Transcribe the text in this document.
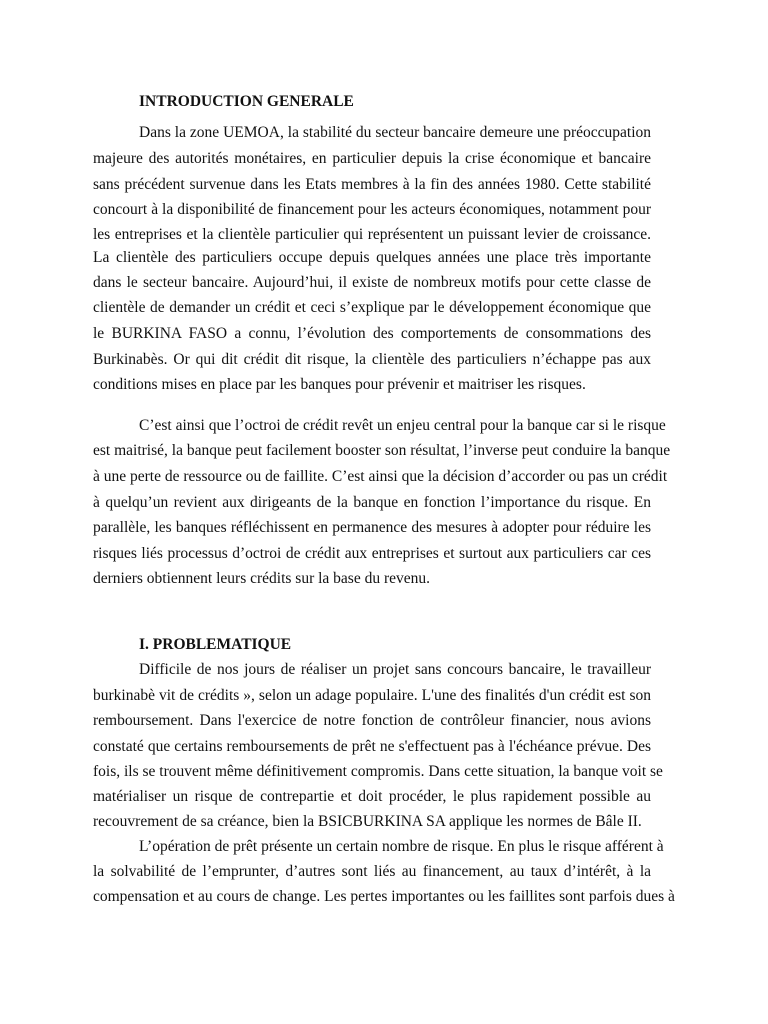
INTRODUCTION GENERALE
Dans la zone UEMOA, la stabilité du secteur bancaire demeure une préoccupation
majeure des autorités monétaires, en particulier depuis la crise économique et bancaire
sans précédent survenue dans les Etats membres à la fin des années 1980. Cette stabilité
concourt à la disponibilité de financement pour les acteurs économiques, notamment pour
les entreprises et la clientèle particulier qui représentent un puissant levier de croissance.
La clientèle des particuliers occupe depuis quelques années une place très importante
dans le secteur bancaire. Aujourd’hui, il existe de nombreux motifs pour cette classe de
clientèle de demander un crédit et ceci s’explique par le développement économique que
le BURKINA FASO a connu, l’évolution des comportements de consommations des
Burkinabès. Or qui dit crédit dit risque, la clientèle des particuliers n’échappe pas aux
conditions mises en place par les banques pour prévenir et maitriser les risques.
C’est ainsi que l’octroi de crédit revêt un enjeu central pour la banque car si le risque
est maitrisé, la banque peut facilement booster son résultat, l’inverse peut conduire la banque
à une perte de ressource ou de faillite. C’est ainsi que la décision d’accorder ou pas un crédit
à quelqu’un revient aux dirigeants de la banque en fonction l’importance du risque. En
parallèle, les banques réfléchissent en permanence des mesures à adopter pour réduire les
risques liés processus d’octroi de crédit aux entreprises et surtout aux particuliers car ces
derniers obtiennent leurs crédits sur la base du revenu.
I. PROBLEMATIQUE
Difficile de nos jours de réaliser un projet sans concours bancaire, le travailleur
burkinabè vit de crédits », selon un adage populaire. L'une des finalités d'un crédit est son
remboursement. Dans l'exercice de notre fonction de contrôleur financier, nous avions
constaté que certains remboursements de prêt ne s'effectuent pas à l'échéance prévue. Des
fois, ils se trouvent même définitivement compromis. Dans cette situation, la banque voit se
matérialiser un risque de contrepartie et doit procéder, le plus rapidement possible au
recouvrement de sa créance, bien la BSICBURKINA SA applique les normes de Bâle II.
L’opération de prêt présente un certain nombre de risque. En plus le risque afférent à
la solvabilité de l’emprunter, d’autres sont liés au financement, au taux d’intérêt, à la
compensation et au cours de change. Les pertes importantes ou les faillites sont parfois dues à
